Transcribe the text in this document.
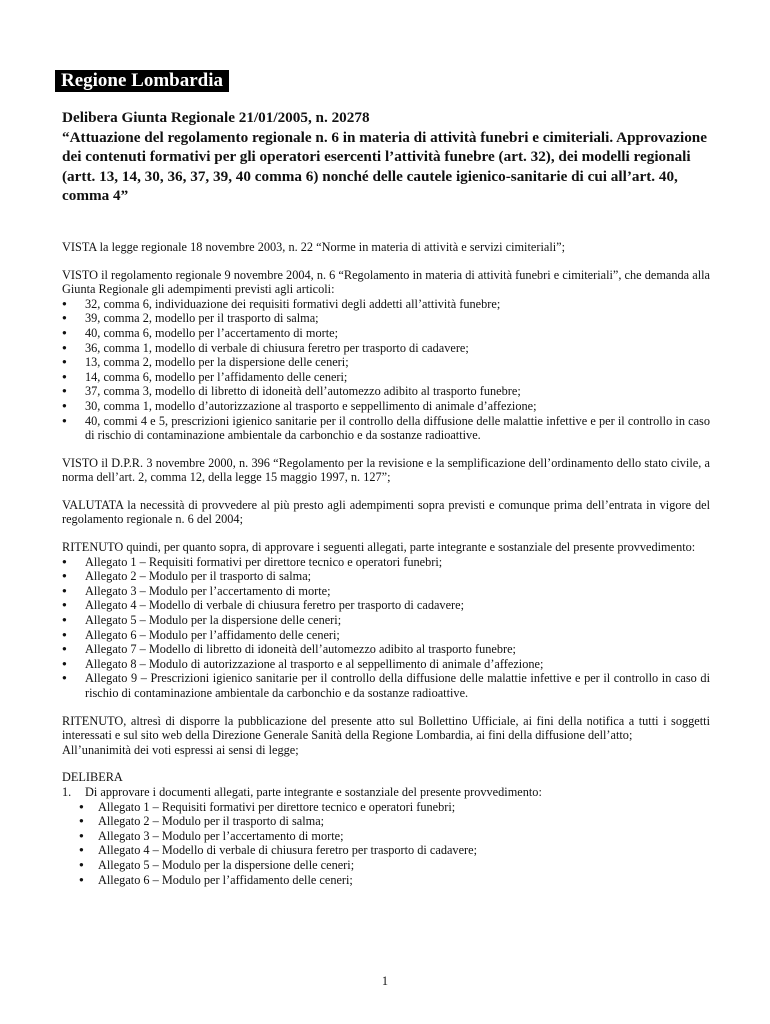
Regione Lombardia
Delibera Giunta Regionale 21/01/2005, n. 20278
“Attuazione del regolamento regionale n. 6 in materia di attività funebri e cimiteriali. Approvazione dei contenuti formativi per gli operatori esercenti l’attività funebre (art. 32), dei modelli regionali (artt. 13, 14, 30, 36, 37, 39, 40 comma 6) nonché delle cautele igienico-sanitarie di cui all’art. 40, comma 4”

VISTA la legge regionale 18 novembre 2003, n. 22 “Norme in materia di attività e servizi cimiteriali”;

VISTO il regolamento regionale 9 novembre 2004, n. 6 “Regolamento in materia di attività funebri e cimiteriali”, che demanda alla Giunta Regionale gli adempimenti previsti agli articoli:

● 32, comma 6, individuazione dei requisiti formativi degli addetti all’attività funebre;
● 39, comma 2, modello per il trasporto di salma;
● 40, comma 6, modello per l’accertamento di morte;
● 36, comma 1, modello di verbale di chiusura feretro per trasporto di cadavere;
● 13, comma 2, modello per la dispersione delle ceneri;
● 14, comma 6, modello per l’affidamento delle ceneri;
● 37, comma 3, modello di libretto di idoneità dell’automezzo adibito al trasporto funebre;
● 30, comma 1, modello d’autorizzazione al trasporto e seppellimento di animale d’affezione;
● 40, commi 4 e 5, prescrizioni igienico sanitarie per il controllo della diffusione delle malattie infettive e per il controllo in caso di rischio di contaminazione ambientale da carbonchio e da sostanze radioattive.

VISTO il D.P.R. 3 novembre 2000, n. 396 “Regolamento per la revisione e la semplificazione dell’ordinamento dello stato civile, a norma dell’art. 2, comma 12, della legge 15 maggio 1997, n. 127”;

VALUTATA la necessità di provvedere al più presto agli adempimenti sopra previsti e comunque prima dell’entrata in vigore del regolamento regionale n. 6 del 2004;

RITENUTO quindi, per quanto sopra, di approvare i seguenti allegati, parte integrante e sostanziale del presente provvedimento:

● Allegato 1 – Requisiti formativi per direttore tecnico e operatori funebri;
● Allegato 2 – Modulo per il trasporto di salma;
● Allegato 3 – Modulo per l’accertamento di morte;
● Allegato 4 – Modello di verbale di chiusura feretro per trasporto di cadavere;
● Allegato 5 – Modulo per la dispersione delle ceneri;
● Allegato 6 – Modulo per l’affidamento delle ceneri;
● Allegato 7 – Modello di libretto di idoneità dell’automezzo adibito al trasporto funebre;
● Allegato 8 – Modulo di autorizzazione al trasporto e al seppellimento di animale d’affezione;
● Allegato 9 – Prescrizioni igienico sanitarie per il controllo della diffusione delle malattie infettive e per il controllo in caso di rischio di contaminazione ambientale da carbonchio e da sostanze radioattive.

RITENUTO, altresì di disporre la pubblicazione del presente atto sul Bollettino Ufficiale, ai fini della notifica a tutti i soggetti interessati e sul sito web della Direzione Generale Sanità della Regione Lombardia, ai fini della diffusione dell’atto;

All’unanimità dei voti espressi ai sensi di legge;

DELIBERA

1. Di approvare i documenti allegati, parte integrante e sostanziale del presente provvedimento:
● Allegato 1 – Requisiti formativi per direttore tecnico e operatori funebri;
● Allegato 2 – Modulo per il trasporto di salma;
● Allegato 3 – Modulo per l’accertamento di morte;
● Allegato 4 – Modello di verbale di chiusura feretro per trasporto di cadavere;
● Allegato 5 – Modulo per la dispersione delle ceneri;
● Allegato 6 – Modulo per l’affidamento delle ceneri;
1
